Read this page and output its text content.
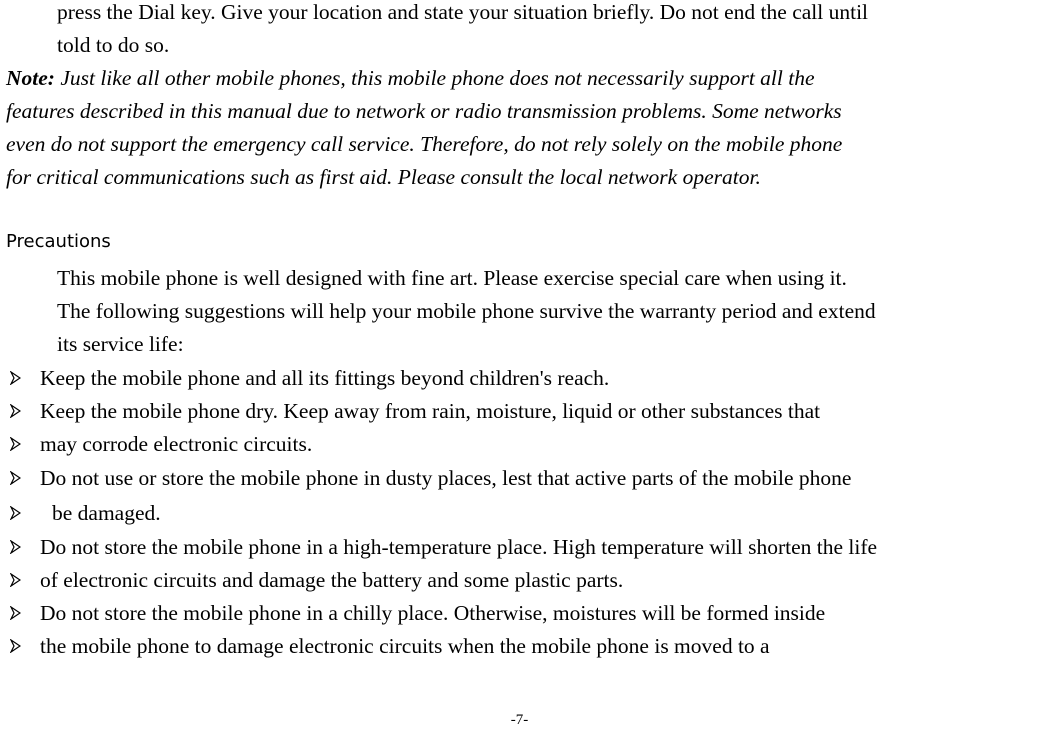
press the Dial key. Give your location and state your situation briefly. Do not end the call until
told to do so.
Note: Just like all other mobile phones, this mobile phone does not necessarily support all the
features described in this manual due to network or radio transmission problems. Some networks
even do not support the emergency call service. Therefore, do not rely solely on the mobile phone
for critical communications such as first aid. Please consult the local network operator.
Precautions
This mobile phone is well designed with fine art. Please exercise special care when using it.
The following suggestions will help your mobile phone survive the warranty period and extend
its service life:
Keep the mobile phone and all its fittings beyond children's reach.
Keep the mobile phone dry. Keep away from rain, moisture, liquid or other substances that
may corrode electronic circuits.
Do not use or store the mobile phone in dusty places, lest that active parts of the mobile phone
be damaged.
Do not store the mobile phone in a high-temperature place. High temperature will shorten the life
of electronic circuits and damage the battery and some plastic parts.
Do not store the mobile phone in a chilly place. Otherwise, moistures will be formed inside
the mobile phone to damage electronic circuits when the mobile phone is moved to a
-7-
